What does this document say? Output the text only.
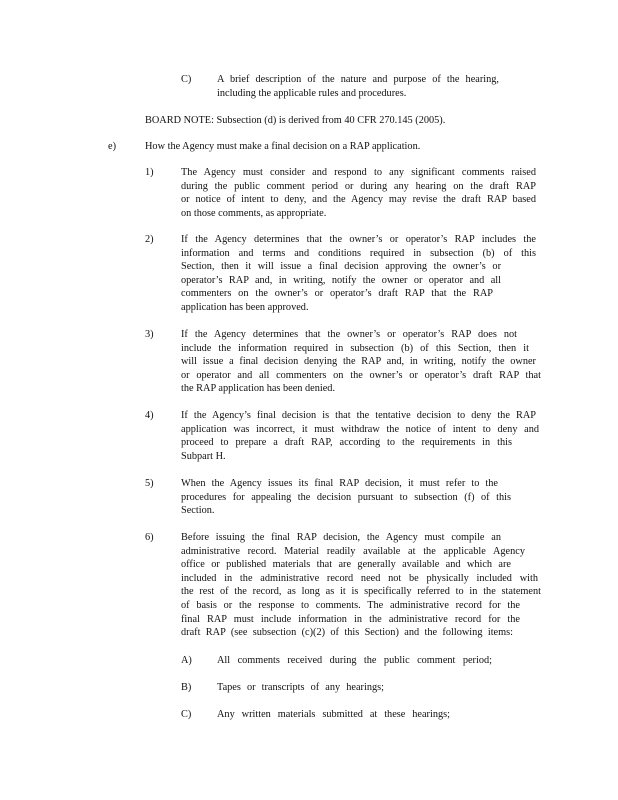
C) A brief description of the nature and purpose of the hearing,
including the applicable rules and procedures.
BOARD NOTE: Subsection (d) is derived from 40 CFR 270.145 (2005).
e)	How the Agency must make a final decision on a RAP application.
1)	The Agency must consider and respond to any significant comments raised
during the public comment period or during any hearing on the draft RAP
or notice of intent to deny, and the Agency may revise the draft RAP based
on those comments, as appropriate.
2)	If the Agency determines that the owner’s or operator’s RAP includes the
information and terms and conditions required in subsection (b) of this
Section, then it will issue a final decision approving the owner’s or
operator’s RAP and, in writing, notify the owner or operator and all
commenters on the owner’s or operator’s draft RAP that the RAP
application has been approved.
3)	If the Agency determines that the owner’s or operator’s RAP does not
include the information required in subsection (b) of this Section, then it
will issue a final decision denying the RAP and, in writing, notify the owner
or operator and all commenters on the owner’s or operator’s draft RAP that
the RAP application has been denied.
4)	If the Agency’s final decision is that the tentative decision to deny the RAP
application was incorrect, it must withdraw the notice of intent to deny and
proceed to prepare a draft RAP, according to the requirements in this
Subpart H.
5)	When the Agency issues its final RAP decision, it must refer to the
procedures for appealing the decision pursuant to subsection (f) of this
Section.
6)	Before issuing the final RAP decision, the Agency must compile an
administrative record. Material readily available at the applicable Agency
office or published materials that are generally available and which are
included in the administrative record need not be physically included with
the rest of the record, as long as it is specifically referred to in the statement
of basis or the response to comments. The administrative record for the
final RAP must include information in the administrative record for the
draft RAP (see subsection (c)(2) of this Section) and the following items:
A) All comments received during the public comment period;
B) Tapes or transcripts of any hearings;
C) Any written materials submitted at these hearings;
